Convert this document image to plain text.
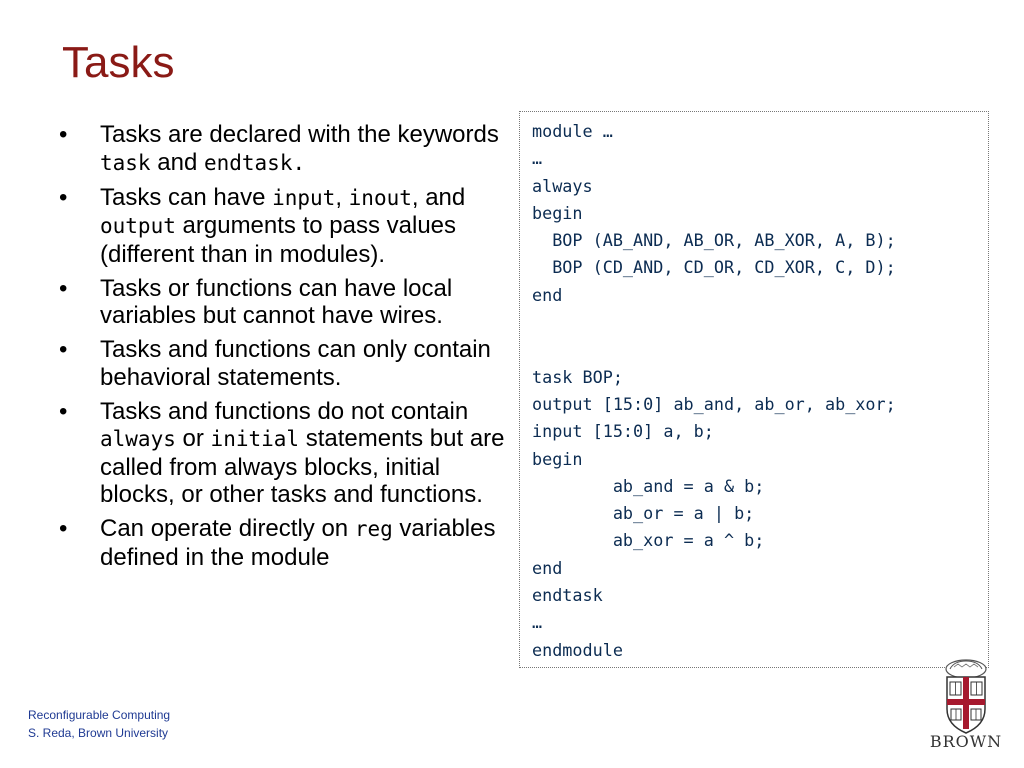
Tasks
• Tasks are declared with the keywords task and endtask.
• Tasks can have input, inout, and output arguments to pass values (different than in modules).
• Tasks or functions can have local variables but cannot have wires.
• Tasks and functions can only contain behavioral statements.
• Tasks and functions do not contain always or initial statements but are called from always blocks, initial blocks, or other tasks and functions.
• Can operate directly on reg variables defined in the module
module …
…
always
begin
BOP (AB_AND, AB_OR, AB_XOR, A, B);
BOP (CD_AND, CD_OR, CD_XOR, C, D);
end

task BOP;
output [15:0] ab_and, ab_or, ab_xor;
input [15:0] a, b;
begin
ab_and = a & b;
ab_or = a | b;
ab_xor = a ^ b;
end
endtask
…
endmodule
Reconfigurable Computing
S. Reda, Brown University	BROWN
